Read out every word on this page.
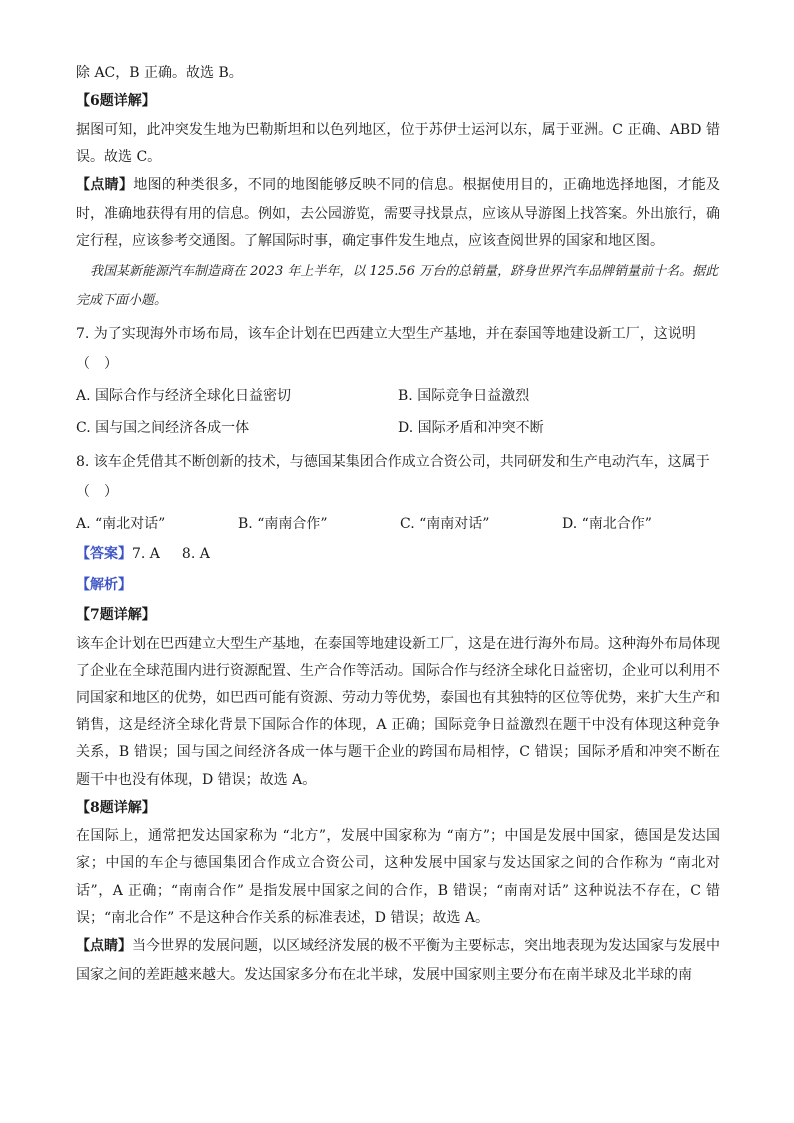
除 AC，B 正确。故选 B。
【6题详解】
据图可知，此冲突发生地为巴勒斯坦和以色列地区，位于苏伊士运河以东，属于亚洲。C 正确、ABD 错误。故选 C。
【点睛】地图的种类很多，不同的地图能够反映不同的信息。根据使用目的，正确地选择地图，才能及时，准确地获得有用的信息。例如，去公园游览，需要寻找景点，应该从导游图上找答案。外出旅行，确定行程，应该参考交通图。了解国际时事，确定事件发生地点，应该查阅世界的国家和地区图。
我国某新能源汽车制造商在 2023 年上半年，以 125.56 万台的总销量，跻身世界汽车品牌销量前十名。据此完成下面小题。
7. 为了实现海外市场布局，该车企计划在巴西建立大型生产基地，并在泰国等地建设新工厂，这说明（　）
A. 国际合作与经济全球化日益密切	B. 国际竞争日益激烈
C. 国与国之间经济各成一体	D. 国际矛盾和冲突不断
8. 该车企凭借其不断创新的技术，与德国某集团合作成立合资公司，共同研发和生产电动汽车，这属于（　）
A. “南北对话”	B. “南南合作”	C. “南南对话”	D. “南北合作”
【答案】7. A 8. A
【解析】
【7题详解】
该车企计划在巴西建立大型生产基地，在泰国等地建设新工厂，这是在进行海外布局。这种海外布局体现了企业在全球范围内进行资源配置、生产合作等活动。国际合作与经济全球化日益密切，企业可以利用不同国家和地区的优势，如巴西可能有资源、劳动力等优势，泰国也有其独特的区位等优势，来扩大生产和销售，这是经济全球化背景下国际合作的体现，A 正确；国际竞争日益激烈在题干中没有体现这种竞争关系，B 错误；国与国之间经济各成一体与题干企业的跨国布局相悖，C 错误；国际矛盾和冲突不断在题干中也没有体现，D 错误；故选 A。
【8题详解】
在国际上，通常把发达国家称为 “北方”，发展中国家称为 “南方”；中国是发展中国家，德国是发达国家；中国的车企与德国集团合作成立合资公司，这种发展中国家与发达国家之间的合作称为 “南北对话”，A 正确；“南南合作” 是指发展中国家之间的合作，B 错误；“南南对话” 这种说法不存在，C 错误；“南北合作” 不是这种合作关系的标准表述，D 错误；故选 A。
【点睛】当今世界的发展问题，以区域经济发展的极不平衡为主要标志，突出地表现为发达国家与发展中国家之间的差距越来越大。发达国家多分布在北半球，发展中国家则主要分布在南半球及北半球的南
